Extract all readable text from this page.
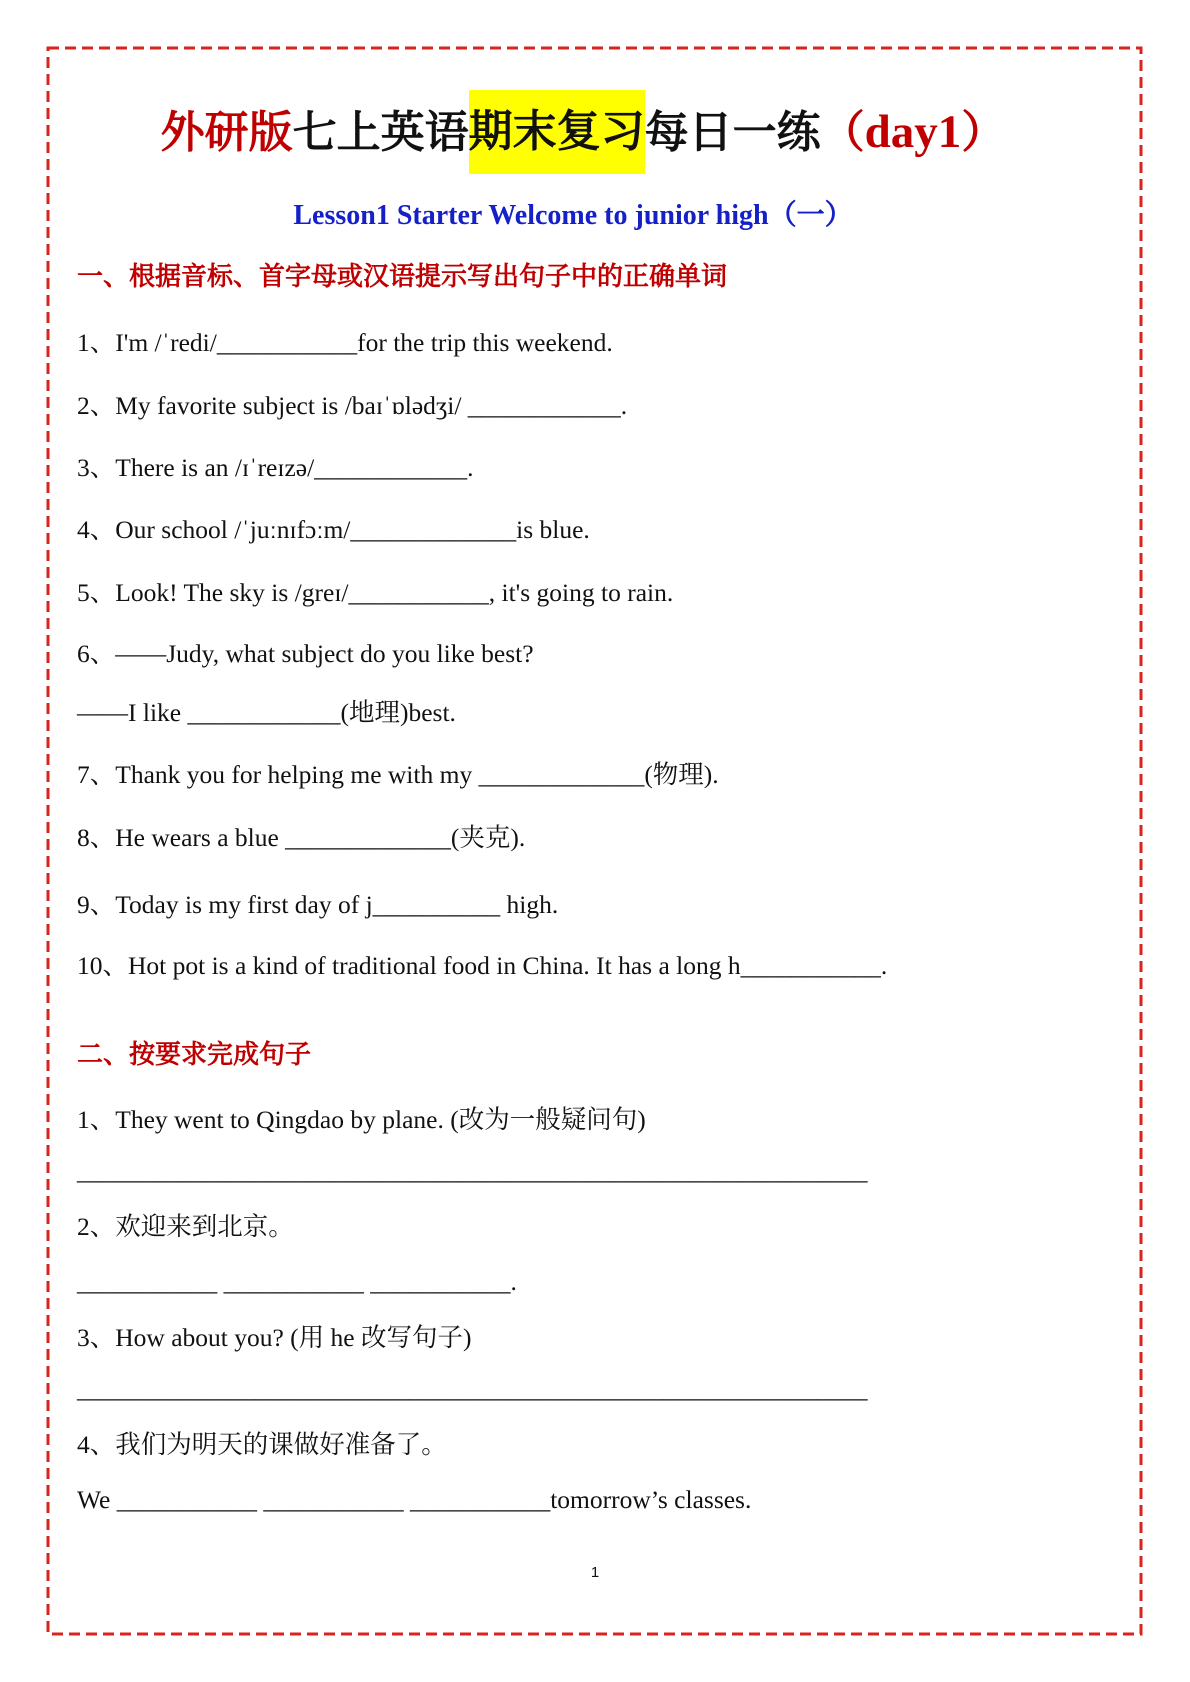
外研版七上英语期末复习每日一练（day1）
Lesson1 Starter Welcome to junior high（一）
一、根据音标、首字母或汉语提示写出句子中的正确单词
1、I'm /ˈredi/___________for the trip this weekend.
2、My favorite subject is /baɪˈɒlədʒi/ ____________.
3、There is an /ɪˈreɪzə/____________.
4、Our school /ˈjuːnɪfɔːm/_____________is blue.
5、Look! The sky is /greɪ/___________, it's going to rain.
6、——Judy, what subject do you like best?
——I like ____________(地理)best.
7、Thank you for helping me with my _____________(物理).
8、He wears a blue _____________(夹克).
9、Today is my first day of j__________ high.
10、Hot pot is a kind of traditional food in China. It has a long h___________.
二、按要求完成句子
1、They went to Qingdao by plane. (改为一般疑问句)
______________________________________________________________
2、欢迎来到北京。
___________ ___________ ___________.
3、How about you? (用 he 改写句子)
______________________________________________________________
4、我们为明天的课做好准备了。
We ___________ ___________ ___________tomorrow’s classes.
1
